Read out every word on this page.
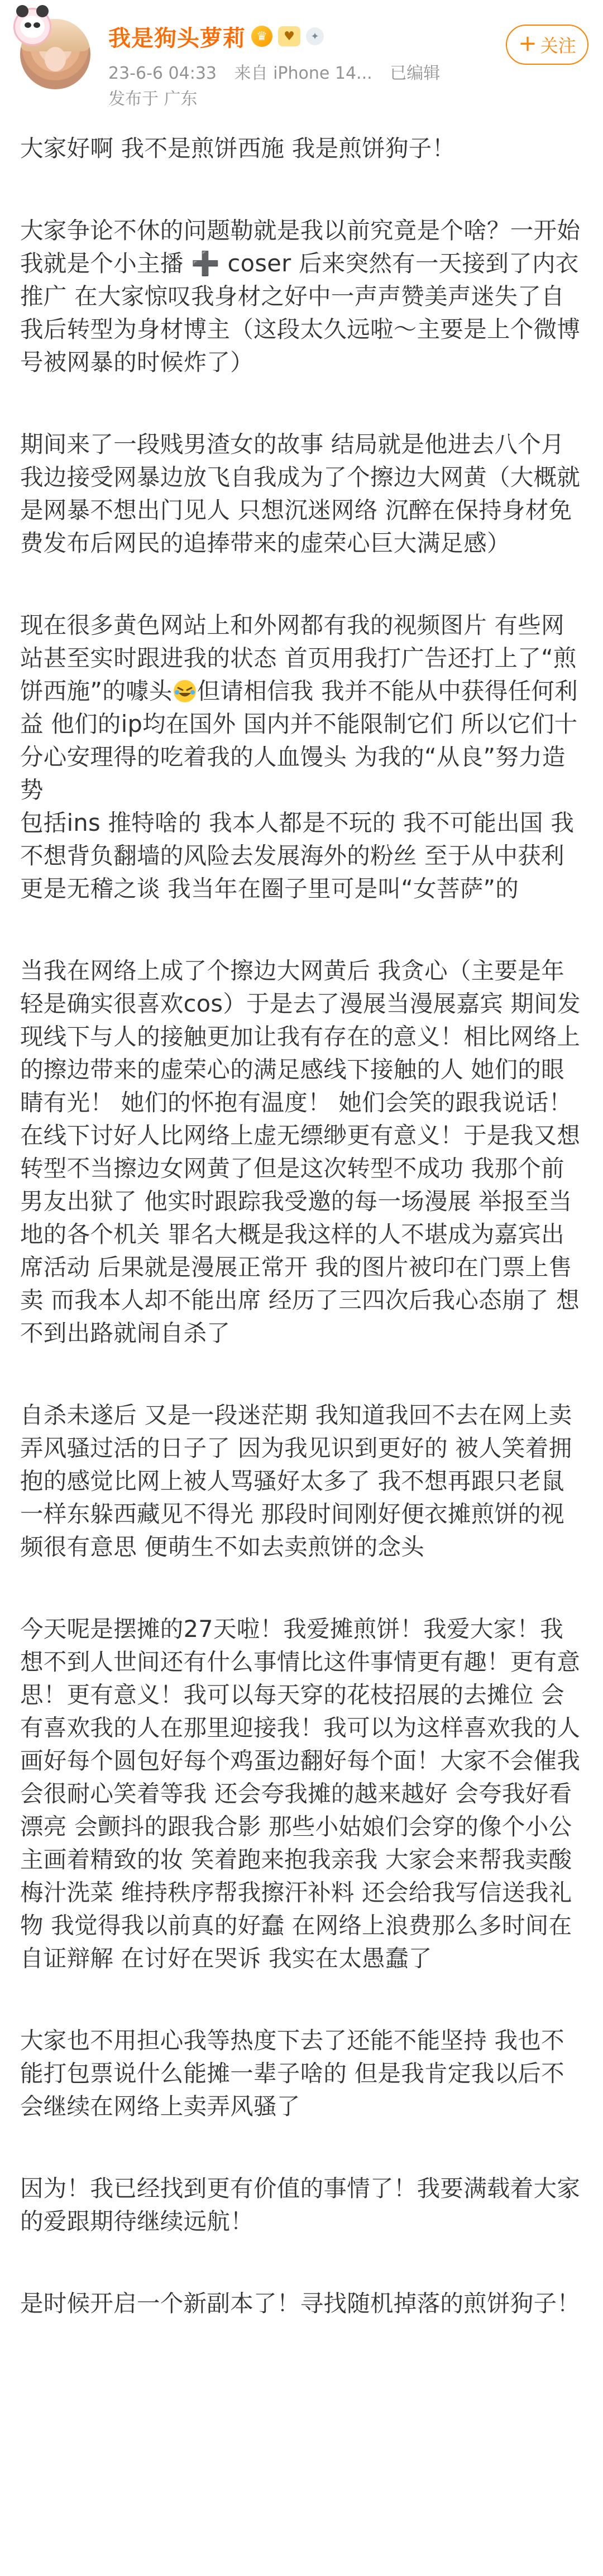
我是狗头萝莉 ♛	♥	✦
23-6-6 04:33 来自 iPhone 14... 已编辑
发布于 广东
+ 关注

大家好啊 我不是煎饼西施 我是煎饼狗子！

大家争论不休的问题勒就是我以前究竟是个啥？一开始我就是个小主播 ➕ coser 后来突然有一天接到了内衣推广 在大家惊叹我身材之好中一声声赞美声迷失了自我后转型为身材博主（这段太久远啦～主要是上个微博号被网暴的时候炸了）

期间来了一段贱男渣女的故事 结局就是他进去八个月 我边接受网暴边放飞自我成为了个擦边大网黄（大概就是网暴不想出门见人 只想沉迷网络 沉醉在保持身材免费发布后网民的追捧带来的虚荣心巨大满足感）

现在很多黄色网站上和外网都有我的视频图片 有些网站甚至实时跟进我的状态 首页用我打广告还打上了“煎饼西施”的噱头 但请相信我 我并不能从中获得任何利益 他们的ip均在国外 国内并不能限制它们 所以它们十分心安理得的吃着我的人血馒头 为我的“从良”努力造势

包括ins 推特啥的 我本人都是不玩的 我不可能出国 我不想背负翻墙的风险去发展海外的粉丝 至于从中获利 更是无稽之谈 我当年在圈子里可是叫“女菩萨”的

当我在网络上成了个擦边大网黄后 我贪心（主要是年轻是确实很喜欢cos）于是去了漫展当漫展嘉宾 期间发现线下与人的接触更加让我有存在的意义！相比网络上的擦边带来的虚荣心的满足感线下接触的人 她们的眼睛有光！ 她们的怀抱有温度！ 她们会笑的跟我说话！在线下讨好人比网络上虚无缥缈更有意义！于是我又想转型不当擦边女网黄了但是这次转型不成功 我那个前男友出狱了 他实时跟踪我受邀的每一场漫展 举报至当地的各个机关 罪名大概是我这样的人不堪成为嘉宾出席活动 后果就是漫展正常开 我的图片被印在门票上售卖 而我本人却不能出席 经历了三四次后我心态崩了 想不到出路就闹自杀了

自杀未遂后 又是一段迷茫期 我知道我回不去在网上卖弄风骚过活的日子了 因为我见识到更好的 被人笑着拥抱的感觉比网上被人骂骚好太多了 我不想再跟只老鼠一样东躲西藏见不得光 那段时间刚好便衣摊煎饼的视频很有意思 便萌生不如去卖煎饼的念头

今天呢是摆摊的27天啦！我爱摊煎饼！我爱大家！我想不到人世间还有什么事情比这件事情更有趣！更有意思！更有意义！我可以每天穿的花枝招展的去摊位 会有喜欢我的人在那里迎接我！我可以为这样喜欢我的人画好每个圆包好每个鸡蛋边翻好每个面！大家不会催我 会很耐心笑着等我 还会夸我摊的越来越好 会夸我好看漂亮 会颤抖的跟我合影 那些小姑娘们会穿的像个小公主画着精致的妆 笑着跑来抱我亲我 大家会来帮我卖酸梅汁洗菜 维持秩序帮我擦汗补料 还会给我写信送我礼物 我觉得我以前真的好蠢 在网络上浪费那么多时间在自证辩解 在讨好在哭诉 我实在太愚蠢了

大家也不用担心我等热度下去了还能不能坚持 我也不能打包票说什么能摊一辈子啥的 但是我肯定我以后不会继续在网络上卖弄风骚了

因为！我已经找到更有价值的事情了！我要满载着大家的爱跟期待继续远航！

是时候开启一个新副本了！寻找随机掉落的煎饼狗子！
